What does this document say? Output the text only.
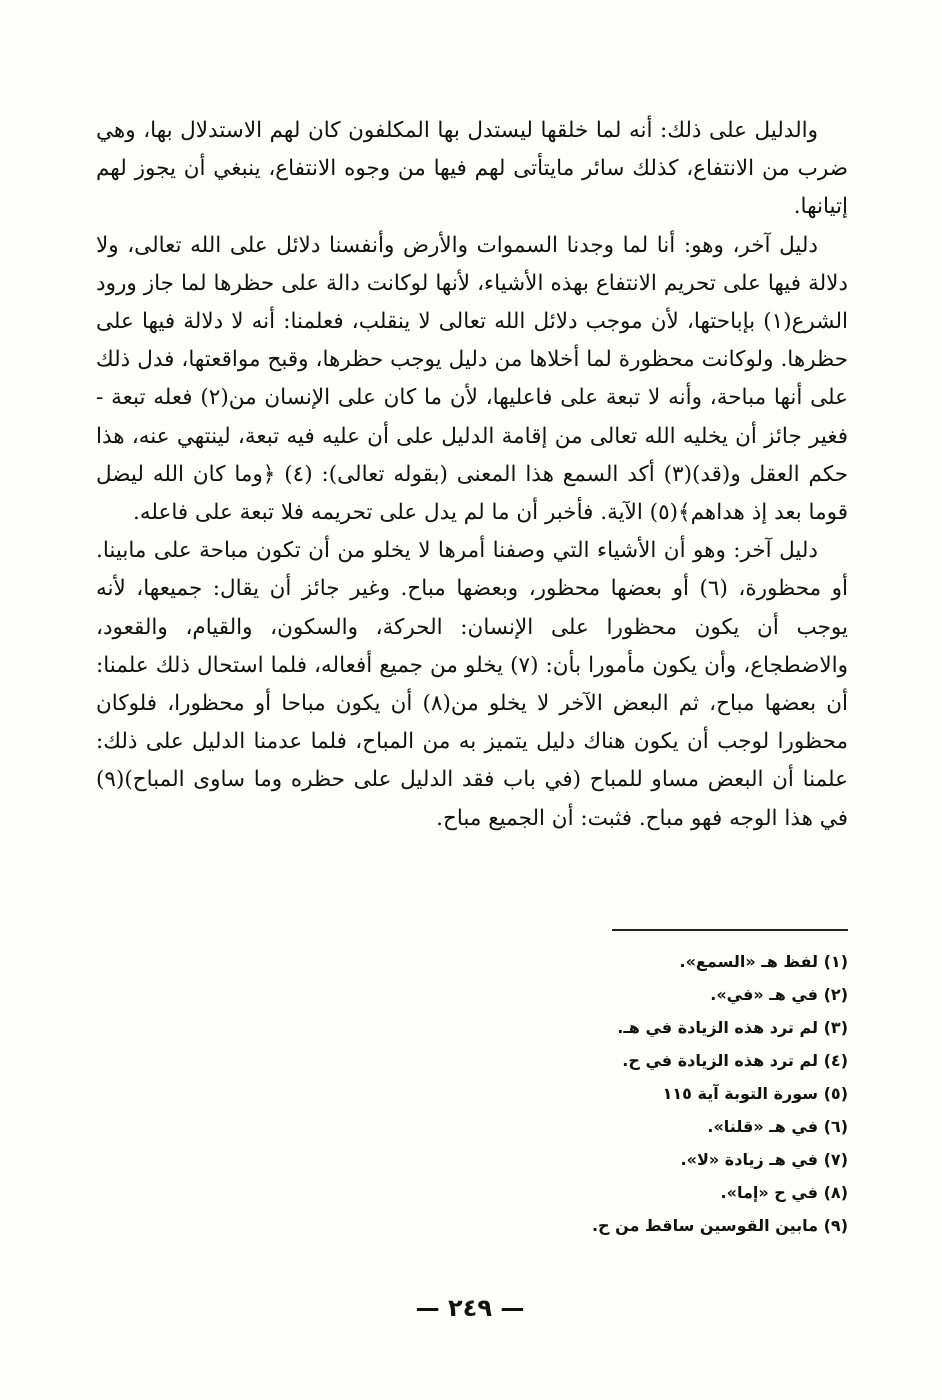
والدليل على ذلك: أنه لما خلقها ليستدل بها المكلفون كان لهم الاستدلال بها، وهي ضرب من الانتفاع، كذلك سائر مايتأتى لهم فيها من وجوه الانتفاع، ينبغي أن يجوز لهم إتيانها.

دليل آخر، وهو: أنا لما وجدنا السموات والأرض وأنفسنا دلائل على الله تعالى، ولا دلالة فيها على تحريم الانتفاع بهذه الأشياء، لأنها لوكانت دالة على حظرها لما جاز ورود الشرع(١) بإباحتها، لأن موجب دلائل الله تعالى لا ينقلب، فعلمنا: أنه لا دلالة فيها على حظرها. ولوكانت محظورة لما أخلاها من دليل يوجب حظرها، وقبح مواقعتها، فدل ذلك على أنها مباحة، وأنه لا تبعة على فاعليها، لأن ما كان على الإنسان من(٢) فعله تبعة - فغير جائز أن يخليه الله تعالى من إقامة الدليل على أن عليه فيه تبعة، لينتهي عنه، هذا حكم العقل و(قد)(٣) أكد السمع هذا المعنى (بقوله تعالى): (٤) ﴿وما كان الله ليضل قوما بعد إذ هداهم﴾(٥) الآية. فأخبر أن ما لم يدل على تحريمه فلا تبعة على فاعله.

دليل آخر: وهو أن الأشياء التي وصفنا أمرها لا يخلو من أن تكون مباحة على مابينا. أو محظورة، (٦) أو بعضها محظور، وبعضها مباح. وغير جائز أن يقال: جميعها، لأنه يوجب أن يكون محظورا على الإنسان: الحركة، والسكون، والقيام، والقعود، والاضطجاع، وأن يكون مأمورا بأن: (٧) يخلو من جميع أفعاله، فلما استحال ذلك علمنا: أن بعضها مباح، ثم البعض الآخر لا يخلو من(٨) أن يكون مباحا أو محظورا، فلوكان محظورا لوجب أن يكون هناك دليل يتميز به من المباح، فلما عدمنا الدليل على ذلك: علمنا أن البعض مساو للمباح (في باب فقد الدليل على حظره وما ساوى المباح)(٩) في هذا الوجه فهو مباح. فثبت: أن الجميع مباح.

(١) لفظ هـ «السمع».
(٢) في هـ «في».
(٣) لم ترد هذه الزيادة في هـ.
(٤) لم ترد هذه الزيادة في ح.
(٥) سورة التوبة آية ١١٥
(٦) في هـ «قلنا».
(٧) في هـ زيادة «لا».
(٨) في ح «إما».
(٩) مابين القوسين ساقط من ح.
— ٢٤٩ —
